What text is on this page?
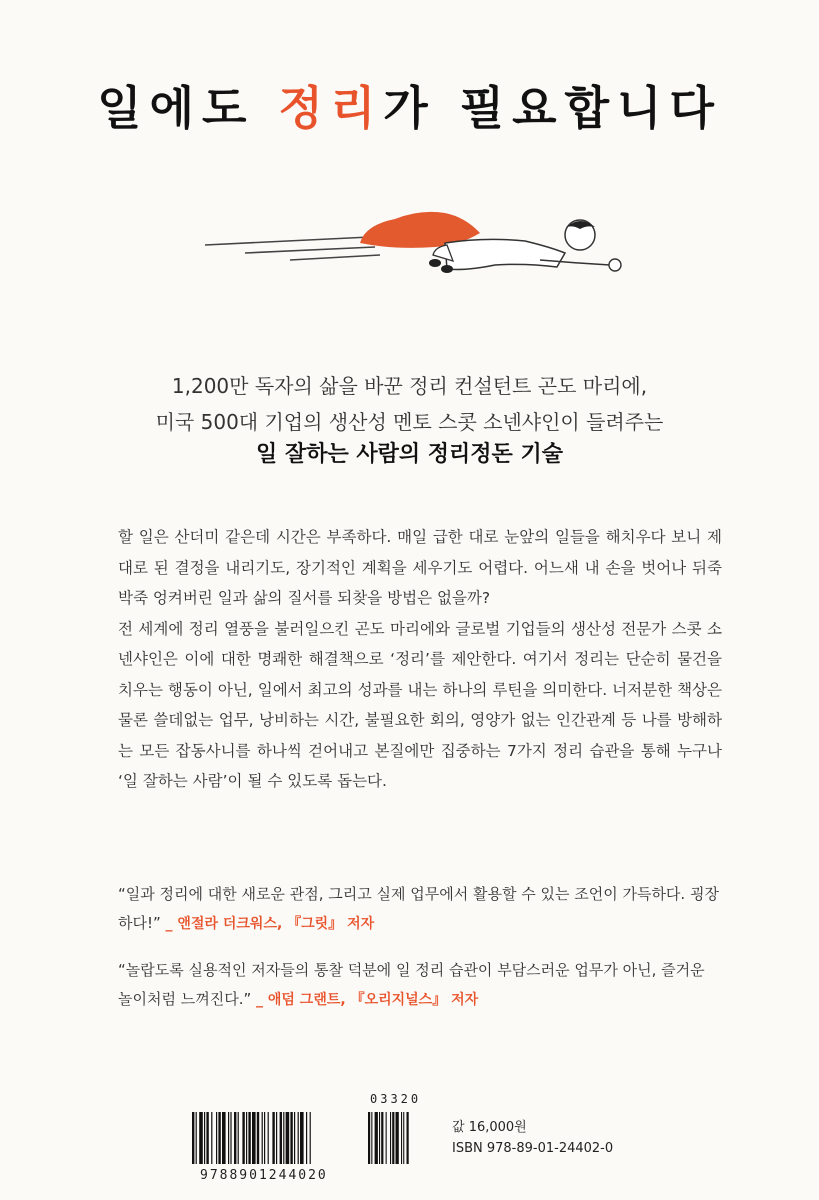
일에도 정리가 필요합니다
1,200만 독자의 삶을 바꾼 정리 컨설턴트 곤도 마리에,
미국 500대 기업의 생산성 멘토 스콧 소넨샤인이 들려주는
일 잘하는 사람의 정리정돈 기술

할 일은 산더미 같은데 시간은 부족하다. 매일 급한 대로 눈앞의 일들을 해치우다 보니 제대로 된 결정을 내리기도, 장기적인 계획을 세우기도 어렵다. 어느새 내 손을 벗어나 뒤죽박죽 엉켜버린 일과 삶의 질서를 되찾을 방법은 없을까?

전 세계에 정리 열풍을 불러일으킨 곤도 마리에와 글로벌 기업들의 생산성 전문가 스콧 소넨샤인은 이에 대한 명쾌한 해결책으로 ‘정리’를 제안한다. 여기서 정리는 단순히 물건을 치우는 행동이 아닌, 일에서 최고의 성과를 내는 하나의 루틴을 의미한다. 너저분한 책상은 물론 쓸데없는 업무, 낭비하는 시간, 불필요한 회의, 영양가 없는 인간관계 등 나를 방해하는 모든 잡동사니를 하나씩 걷어내고 본질에만 집중하는 7가지 정리 습관을 통해 누구나 ‘일 잘하는 사람’이 될 수 있도록 돕는다.

“일과 정리에 대한 새로운 관점, 그리고 실제 업무에서 활용할 수 있는 조언이 가득하다. 굉장하다!” _ 앤절라 더크워스, 『그릿』 저자
“놀랍도록 실용적인 저자들의 통찰 덕분에 일 정리 습관이 부담스러운 업무가 아닌, 즐거운 놀이처럼 느껴진다.” _ 애덤 그랜트, 『오리지널스』 저자
03320
9788901244020
값 16,000원
ISBN 978-89-01-24402-0
